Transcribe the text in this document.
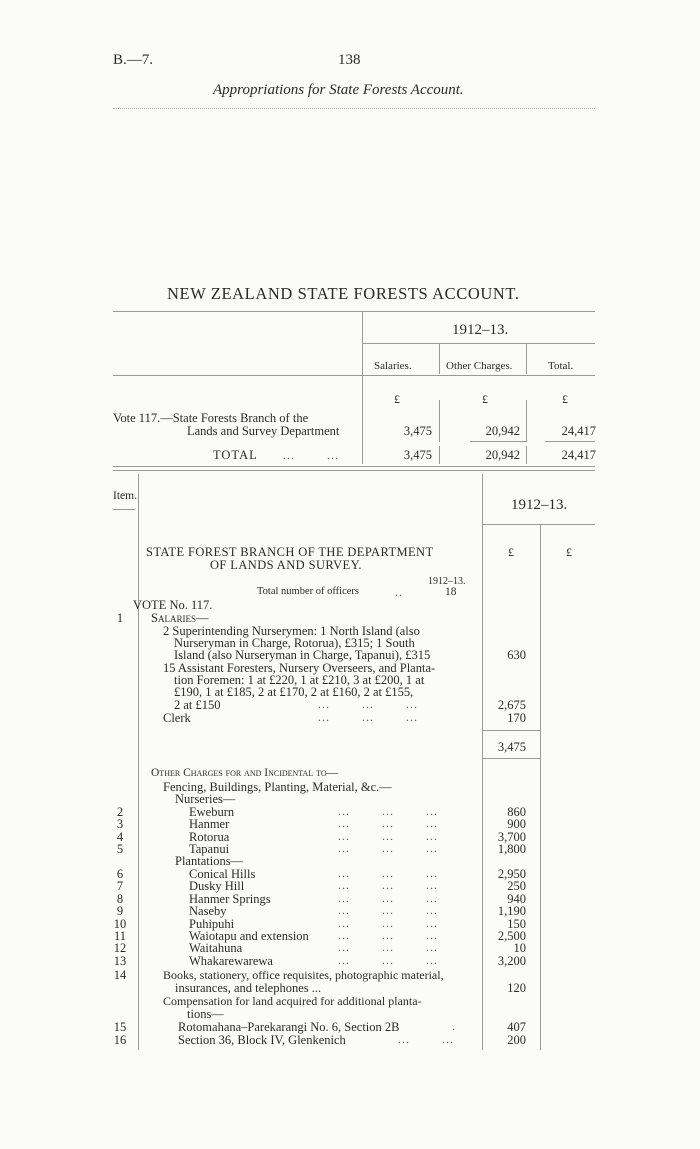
B.—7.	138
Appropriations for State Forests Account.
NEW ZEALAND STATE FORESTS ACCOUNT.
1912–13.
Salaries.	Other Charges.	Total.
£	£	£
Vote 117.—State Forests Branch of the
Lands and Survey Department	3,475	20,942	24,417
TOTAL ...        ...	3,475	20,942	24,417
Item.
1912–13.
£	£
STATE FOREST BRANCH OF THE DEPARTMENT
OF LANDS AND SURVEY.
1912–13.
Total number of officers	..	18
VOTE No. 117.
Salaries—
1
2 Superintending Nurserymen: 1 North Island (also
Nurseryman in Charge, Rotorua), £315; 1 South
Island (also Nurseryman in Charge, Tapanui), £315	630
15 Assistant Foresters, Nursery Overseers, and Planta-
tion Foremen: 1 at £220, 1 at £210, 3 at £200, 1 at
£190, 1 at £185, 2 at £170, 2 at £160, 2 at £155,
2 at £150	...        ...        ...	2,675
Clerk	...        ...        ...	170
3,475
Other Charges for and Incidental to—
Fencing, Buildings, Planting, Material, &c.—
Nurseries—
2	Eweburn	...        ...        ...	860
3	Hanmer	...        ...        ...	900
4	Rotorua	...        ...        ...	3,700
5	Tapanui	...        ...        ...	1,800
Plantations—
6	Conical Hills	...        ...        ...	2,950
7	Dusky Hill	...        ...        ...	250
8	Hanmer Springs	...        ...        ...	940
9	Naseby	...        ...        ...	1,190
10	Puhipuhi	...        ...        ...	150
11	Waiotapu and extension ...        ...        ...	2,500
12	Waitahuna	...        ...        ...	10
13	Whakarewarewa	...        ...        ...	3,200
14	Books, stationery, office requisites, photographic material,
insurances, and telephones ...	120
Compensation for land acquired for additional planta-
tions—
15	Rotomahana–Parekarangi No. 6, Section 2B	.	407
16	Section 36, Block IV, Glenkenich	...        ...	200
